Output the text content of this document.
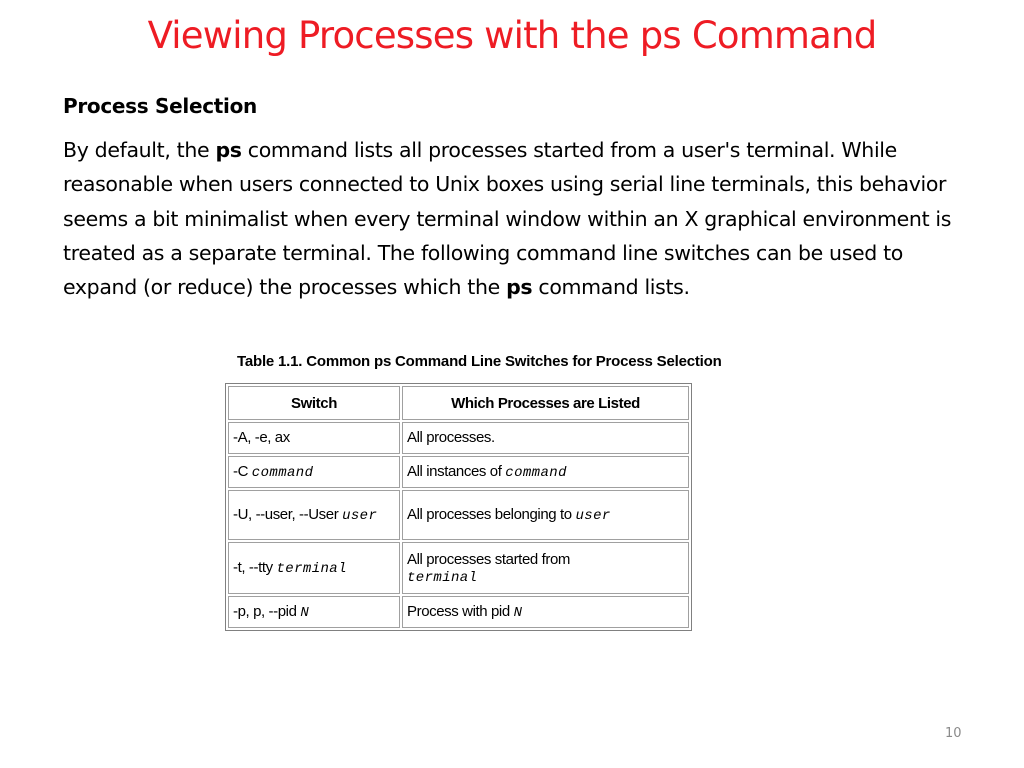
Viewing Processes with the ps Command
Process Selection

By default, the ps command lists all processes started from a user's terminal. While reasonable when users connected to Unix boxes using serial line terminals, this behavior seems a bit minimalist when every terminal window within an X graphical environment is treated as a separate terminal. The following command line switches can be used to expand (or reduce) the processes which the ps command lists.

Table 1.1. Common ps Command Line Switches for Process Selection
Switch	Which Processes are Listed
-A, -e, ax	All processes.
-C command	All instances of command
-U, --user, --User user	All processes belonging to user
-t, --tty terminal	All processes started from
terminal
-p, p, --pid N	Process with pid N
10
